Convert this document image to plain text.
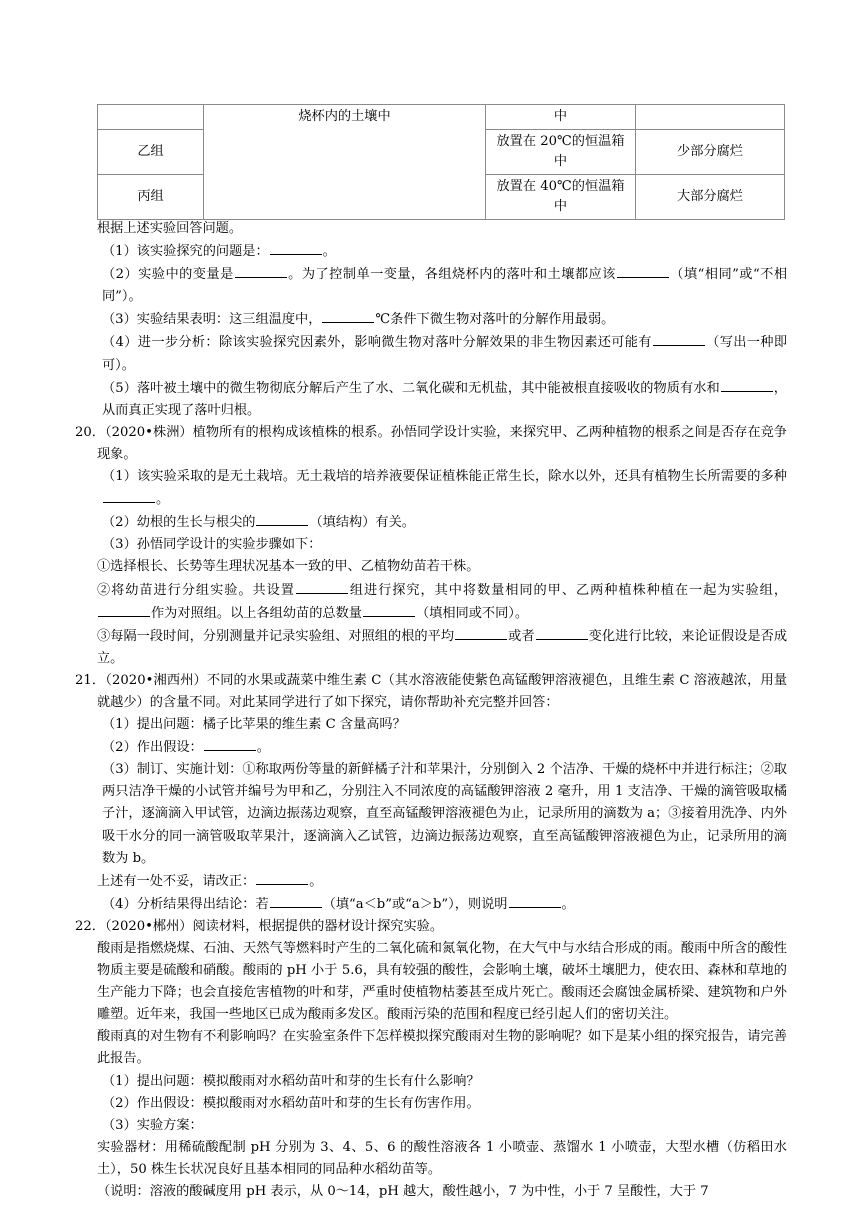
	烧杯内的土壤中	中	
乙组		放置在 20℃的恒温箱中	少部分腐烂
丙组		放置在 40℃的恒温箱中	大部分腐烂

根据上述实验回答问题。

（1）该实验探究的问题是：	。

（2）实验中的变量是	。为了控制单一变量，各组烧杯内的落叶和土壤都应该	（填“相同”或“不相同”）。

（3）实验结果表明：这三组温度中，	℃条件下微生物对落叶的分解作用最弱。

（4）进一步分析：除该实验探究因素外，影响微生物对落叶分解效果的非生物因素还可能有	（写出一种即可）。

（5）落叶被土壤中的微生物彻底分解后产生了水、二氧化碳和无机盐，其中能被根直接吸收的物质有水和	，从而真正实现了落叶归根。

20．（2020•株洲）植物所有的根构成该植株的根系。孙悟同学设计实验，来探究甲、乙两种植物的根系之间是否存在竞争现象。

（1）该实验采取的是无土栽培。无土栽培的培养液要保证植株能正常生长，除水以外，还具有植物生长所需要的多种。

（2）幼根的生长与根尖的	（填结构）有关。

（3）孙悟同学设计的实验步骤如下：

①选择根长、长势等生理状况基本一致的甲、乙植物幼苗若干株。

②将幼苗进行分组实验。共设置	组进行探究，其中将数量相同的甲、乙两种植株种植在一起为实验组，作为对照组。以上各组幼苗的总数量	（填相同或不同）。

③每隔一段时间，分别测量并记录实验组、对照组的根的平均	或者	变化进行比较，来论证假设是否成立。

21．（2020•湘西州）不同的水果或蔬菜中维生素 C（其水溶液能使紫色高锰酸钾溶液褪色，且维生素 C 溶液越浓，用量就越少）的含量不同。对此某同学进行了如下探究，请你帮助补充完整并回答：

（1）提出问题：橘子比苹果的维生素 C 含量高吗？

（2）作出假设：	。

（3）制订、实施计划：①称取两份等量的新鲜橘子汁和苹果汁，分别倒入 2 个洁净、干燥的烧杯中并进行标注；②取两只洁净干燥的小试管并编号为甲和乙，分别注入不同浓度的高锰酸钾溶液 2 毫升，用 1 支洁净、干燥的滴管吸取橘子汁，逐滴滴入甲试管，边滴边振荡边观察，直至高锰酸钾溶液褪色为止，记录所用的滴数为 a；③接着用洗净、内外吸干水分的同一滴管吸取苹果汁，逐滴滴入乙试管，边滴边振荡边观察，直至高锰酸钾溶液褪色为止，记录所用的滴数为 b。

上述有一处不妥，请改正：	。

（4）分析结果得出结论：若	（填“a＜b”或“a＞b”），则说明	。

22．（2020•郴州）阅读材料，根据提供的器材设计探究实验。

酸雨是指燃烧煤、石油、天然气等燃料时产生的二氧化硫和氮氧化物，在大气中与水结合形成的雨。酸雨中所含的酸性物质主要是硫酸和硝酸。酸雨的 pH 小于 5.6，具有较强的酸性，会影响土壤，破坏土壤肥力，使农田、森林和草地的生产能力下降；也会直接危害植物的叶和芽，严重时使植物枯萎甚至成片死亡。酸雨还会腐蚀金属桥梁、建筑物和户外雕塑。近年来，我国一些地区已成为酸雨多发区。酸雨污染的范围和程度已经引起人们的密切关注。

酸雨真的对生物有不利影响吗？在实验室条件下怎样模拟探究酸雨对生物的影响呢？如下是某小组的探究报告，请完善此报告。

（1）提出问题：模拟酸雨对水稻幼苗叶和芽的生长有什么影响？

（2）作出假设：模拟酸雨对水稻幼苗叶和芽的生长有伤害作用。

（3）实验方案：

实验器材：用稀硫酸配制 pH 分别为 3、4、5、6 的酸性溶液各 1 小喷壶、蒸馏水 1 小喷壶，大型水槽（仿稻田水土），50 株生长状况良好且基本相同的同品种水稻幼苗等。

（说明：溶液的酸碱度用 pH 表示，从 0～14，pH 越大，酸性越小，7 为中性，小于 7 呈酸性，大于 7
